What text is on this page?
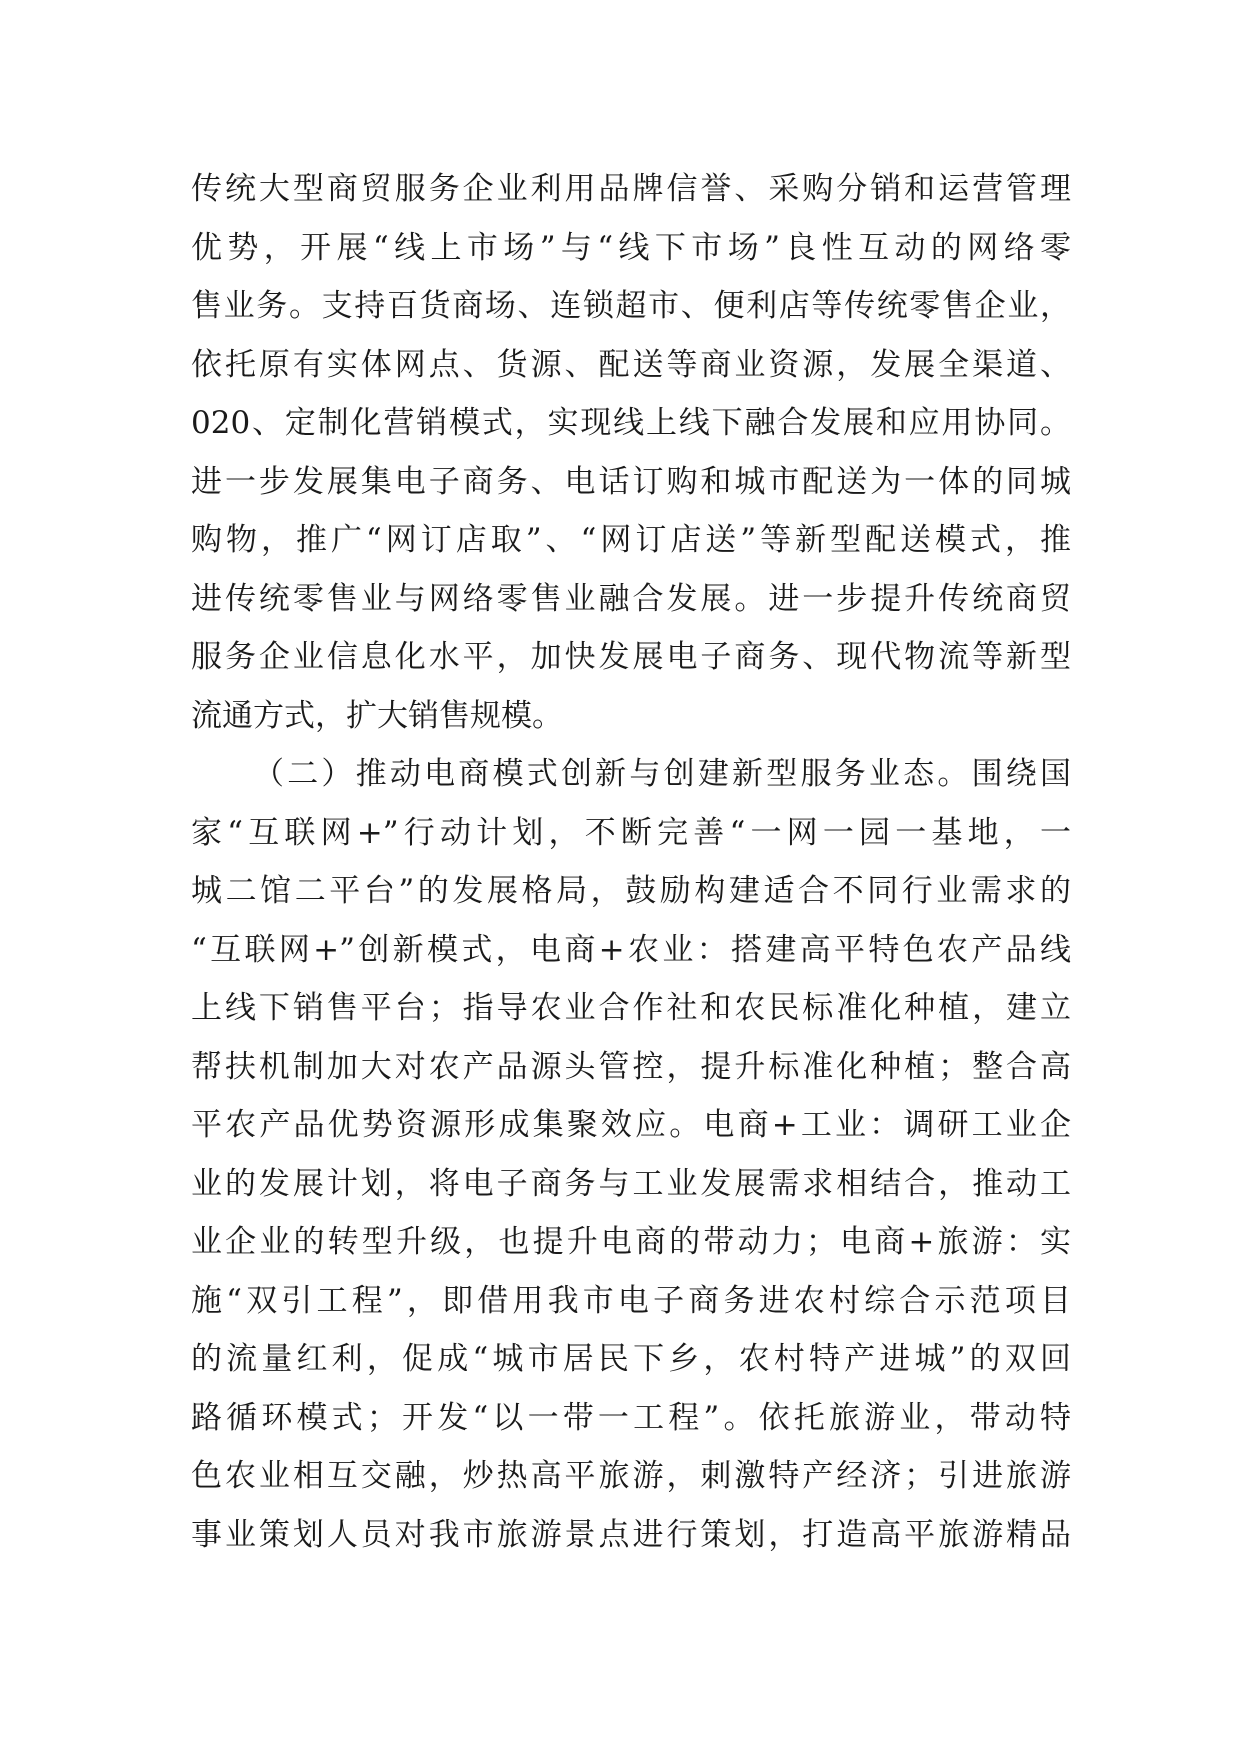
传统大型商贸服务企业利用品牌信誉、采购分销和运营管理
优势，开展“线上市场”与“线下市场”良性互动的网络零
售业务。支持百货商场、连锁超市、便利店等传统零售企业，
依托原有实体网点、货源、配送等商业资源，发展全渠道、
020、定制化营销模式，实现线上线下融合发展和应用协同。
进一步发展集电子商务、电话订购和城市配送为一体的同城
购物，推广“网订店取”、“网订店送”等新型配送模式，推
进传统零售业与网络零售业融合发展。进一步提升传统商贸
服务企业信息化水平，加快发展电子商务、现代物流等新型
流通方式，扩大销售规模。
（二）推动电商模式创新与创建新型服务业态。围绕国
家“互联网+”行动计划，不断完善“一网一园一基地，一
城二馆二平台”的发展格局，鼓励构建适合不同行业需求的
“互联网+”创新模式，电商+农业：搭建高平特色农产品线
上线下销售平台；指导农业合作社和农民标准化种植，建立
帮扶机制加大对农产品源头管控，提升标准化种植；整合高
平农产品优势资源形成集聚效应。电商+工业：调研工业企
业的发展计划，将电子商务与工业发展需求相结合，推动工
业企业的转型升级，也提升电商的带动力；电商+旅游：实
施“双引工程”，即借用我市电子商务进农村综合示范项目
的流量红利，促成“城市居民下乡，农村特产进城”的双回
路循环模式；开发“以一带一工程”。依托旅游业，带动特
色农业相互交融，炒热高平旅游，刺激特产经济；引进旅游
事业策划人员对我市旅游景点进行策划，打造高平旅游精品
